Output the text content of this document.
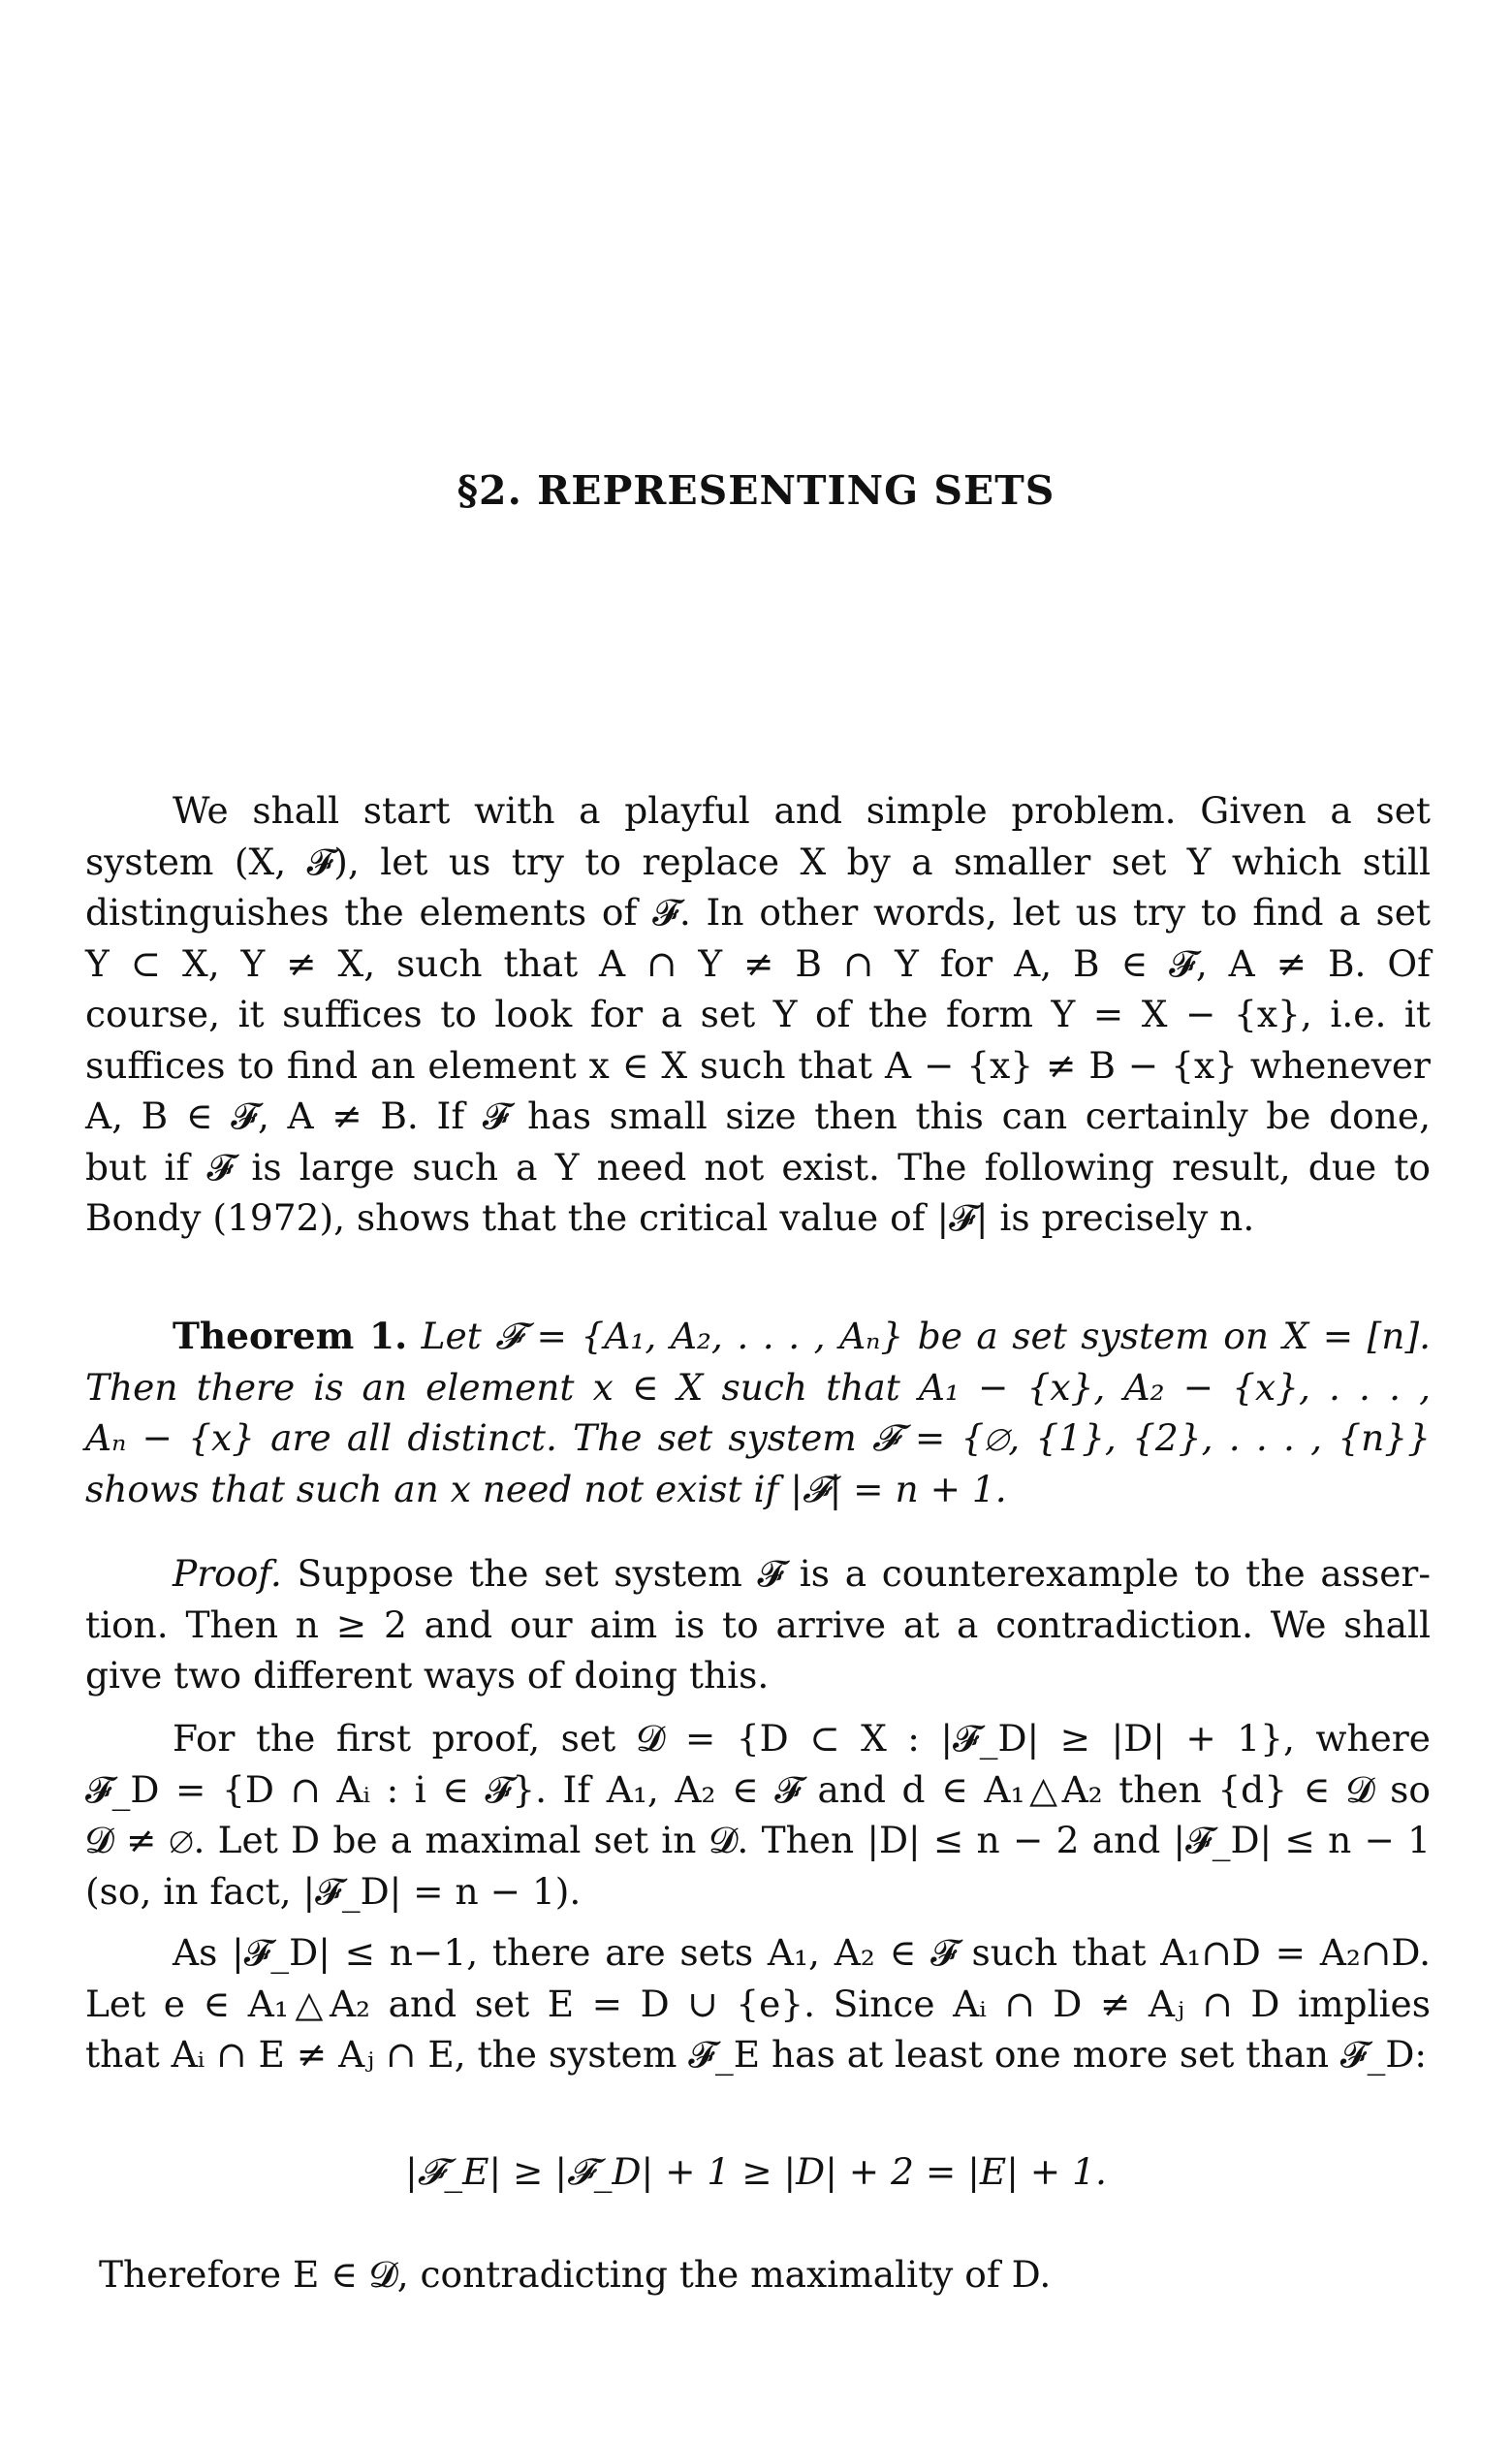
§2. REPRESENTING SETS
We shall start with a playful and simple problem. Given a set
system (X, 𝓕), let us try to replace X by a smaller set Y which still
distinguishes the elements of 𝓕. In other words, let us try to find a set
Y ⊂ X, Y ≠ X, such that A ∩ Y ≠ B ∩ Y for A, B ∈ 𝓕, A ≠ B. Of
course, it suffices to look for a set Y of the form Y = X − {x}, i.e. it
suffices to find an element x ∈ X such that A − {x} ≠ B − {x} whenever
A, B ∈ 𝓕, A ≠ B. If 𝓕 has small size then this can certainly be done,
but if 𝓕 is large such a Y need not exist. The following result, due to
Bondy (1972), shows that the critical value of |𝓕| is precisely n.
Theorem 1. Let 𝓕 = {A₁, A₂, . . . , Aₙ} be a set system on X = [n].
Then there is an element x ∈ X such that A₁ − {x}, A₂ − {x}, . . . ,
Aₙ − {x} are all distinct. The set system 𝓕 = {∅, {1}, {2}, . . . , {n}}
shows that such an x need not exist if |𝓕| = n + 1.
Proof. Suppose the set system 𝓕 is a counterexample to the asser-
tion. Then n ≥ 2 and our aim is to arrive at a contradiction. We shall
give two different ways of doing this.
For the first proof, set 𝓓 = {D ⊂ X : |𝓕_D| ≥ |D| + 1}, where
𝓕_D = {D ∩ Aᵢ : i ∈ 𝓕}. If A₁, A₂ ∈ 𝓕 and d ∈ A₁△A₂ then {d} ∈ 𝓓 so
𝓓 ≠ ∅. Let D be a maximal set in 𝓓. Then |D| ≤ n − 2 and |𝓕_D| ≤ n − 1
(so, in fact, |𝓕_D| = n − 1).
As |𝓕_D| ≤ n−1, there are sets A₁, A₂ ∈ 𝓕 such that A₁∩D = A₂∩D.
Let e ∈ A₁△A₂ and set E = D ∪ {e}. Since Aᵢ ∩ D ≠ Aⱼ ∩ D implies
that Aᵢ ∩ E ≠ Aⱼ ∩ E, the system 𝓕_E has at least one more set than 𝓕_D:
|𝓕_E| ≥ |𝓕_D| + 1 ≥ |D| + 2 = |E| + 1.
Therefore E ∈ 𝓓, contradicting the maximality of D.
